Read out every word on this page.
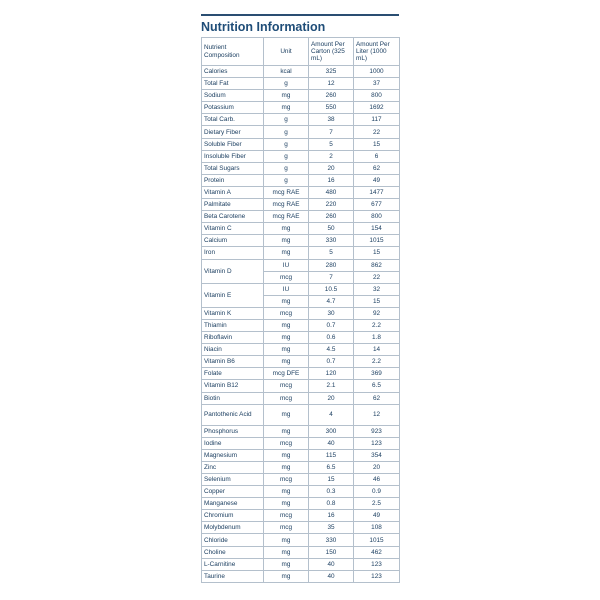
Nutrition Information
Nutrient Composition	Unit	Amount Per Carton (325 mL)	Amount Per Liter (1000 mL)
Calories	kcal	325	1000
Total Fat	g	12	37
Sodium	mg	260	800
Potassium	mg	550	1692
Total Carb.	g	38	117
Dietary Fiber	g	7	22
Soluble Fiber	g	5	15
Insoluble Fiber	g	2	6
Total Sugars	g	20	62
Protein	g	16	49
Vitamin A	mcg RAE	480	1477
Palmitate	mcg RAE	220	677
Beta Carotene	mcg RAE	260	800
Vitamin C	mg	50	154
Calcium	mg	330	1015
Iron	mg	5	15
Vitamin D	IU	280	862
	mcg	7	22
Vitamin E	IU	10.5	32
	mg	4.7	15
Vitamin K	mcg	30	92
Thiamin	mg	0.7	2.2
Riboflavin	mg	0.6	1.8
Niacin	mg	4.5	14
Vitamin B6	mg	0.7	2.2
Folate	mcg DFE	120	369
Vitamin B12	mcg	2.1	6.5
Biotin	mcg	20	62
Pantothenic Acid	mg	4	12
Phosphorus	mg	300	923
Iodine	mcg	40	123
Magnesium	mg	115	354
Zinc	mg	6.5	20
Selenium	mcg	15	46
Copper	mg	0.3	0.9
Manganese	mg	0.8	2.5
Chromium	mcg	16	49
Molybdenum	mcg	35	108
Chloride	mg	330	1015
Choline	mg	150	462
L-Carnitine	mg	40	123
Taurine	mg	40	123
